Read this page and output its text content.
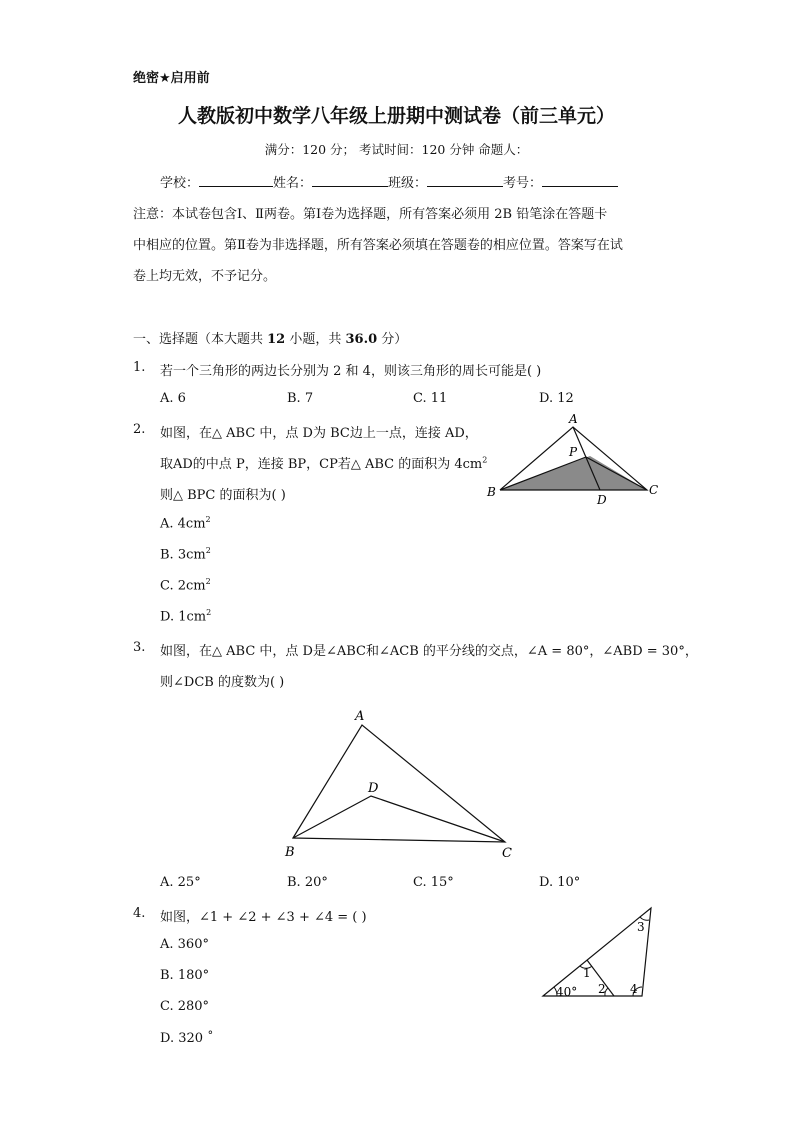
绝密★启用前
人教版初中数学八年级上册期中测试卷（前三单元）
满分：120 分； 考试时间：120 分钟 命题人：
学校：	姓名：	班级：	考号：
注意：本试卷包含Ⅰ、Ⅱ两卷。第Ⅰ卷为选择题，所有答案必须用 2B 铅笔涂在答题卡
中相应的位置。第Ⅱ卷为非选择题，所有答案必须填在答题卷的相应位置。答案写在试
卷上均无效，不予记分。
一、选择题（本大题共 12 小题，共 36.0 分）
1. 若一个三角形的两边长分别为 2 和 4，则该三角形的周长可能是( )
A. 6	B. 7	C. 11	D. 12
2. 如图，在△ ABC 中，点 D为 BC边上一点，连接 AD，
取AD的中点 P，连接 BP，CP若△ ABC 的面积为 $4cm^2$
则△ BPC 的面积为( )
A. $4cm^2$
B. $3cm^2$
C. $2cm^2$
D. $1cm^2$
A
P
B
D
C
3. 如图，在△ ABC 中，点 D是∠ABC和∠ACB 的平分线的交点，∠A = 80°，∠ABD = 30°，
则∠DCB 的度数为( )
A
D
B	C
A. 25°	B. 20°	C. 15°	D. 10°
4. 如图，∠1 + ∠2 + ∠3 + ∠4 = ( )
A. 360°
B. 180°
C. 280°
D. 320 ˚
40°
1
2
3
4
